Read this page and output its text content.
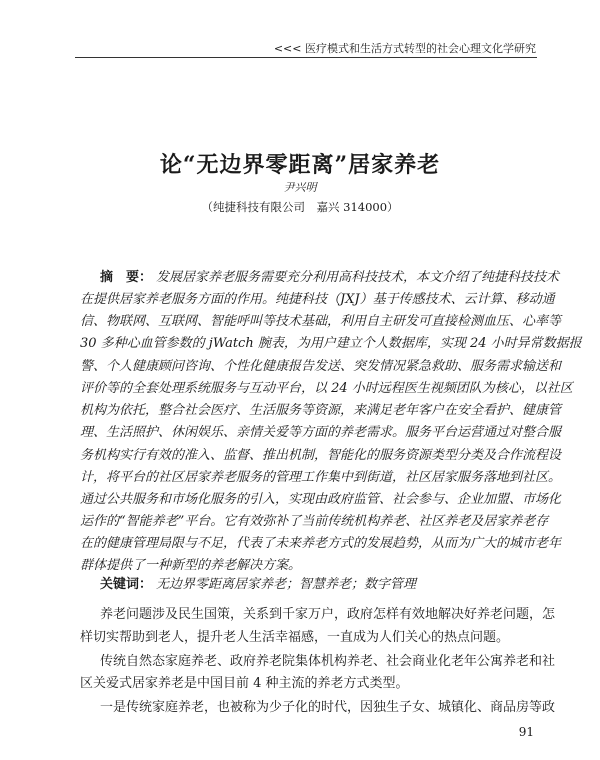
<<< 医疗模式和生活方式转型的社会心理文化学研究
论“无边界零距离”居家养老
尹兴明
（纯捷科技有限公司　嘉兴 314000）
摘　要： 发展居家养老服务需要充分利用高科技技术，本文介绍了纯捷科技技术
在提供居家养老服务方面的作用。纯捷科技（JXJ）基于传感技术、云计算、移动通
信、物联网、互联网、智能呼叫等技术基础，利用自主研发可直接检测血压、心率等
30 多种心血管参数的 jWatch 腕表，为用户建立个人数据库，实现 24 小时异常数据报
警、个人健康顾问咨询、个性化健康报告发送、突发情况紧急救助、服务需求输送和
评价等的全套处理系统服务与互动平台，以 24 小时远程医生视频团队为核心，以社区
机构为依托，整合社会医疗、生活服务等资源，来满足老年客户在安全看护、健康管
理、生活照护、休闲娱乐、亲情关爱等方面的养老需求。服务平台运营通过对整合服
务机构实行有效的准入、监督、推出机制，智能化的服务资源类型分类及合作流程设
计，将平台的社区居家养老服务的管理工作集中到街道，社区居家服务落地到社区。
通过公共服务和市场化服务的引入，实现由政府监管、社会参与、企业加盟、市场化
运作的“智能养老”平台。它有效弥补了当前传统机构养老、社区养老及居家养老存
在的健康管理局限与不足，代表了未来养老方式的发展趋势，从而为广大的城市老年
群体提供了一种新型的养老解决方案。
关键词： 无边界零距离居家养老；智慧养老；数字管理
养老问题涉及民生国策，关系到千家万户，政府怎样有效地解决好养老问题，怎
样切实帮助到老人，提升老人生活幸福感，一直成为人们关心的热点问题。
传统自然态家庭养老、政府养老院集体机构养老、社会商业化老年公寓养老和社
区关爱式居家养老是中国目前 4 种主流的养老方式类型。
一是传统家庭养老，也被称为少子化的时代，因独生子女、城镇化、商品房等政
91
